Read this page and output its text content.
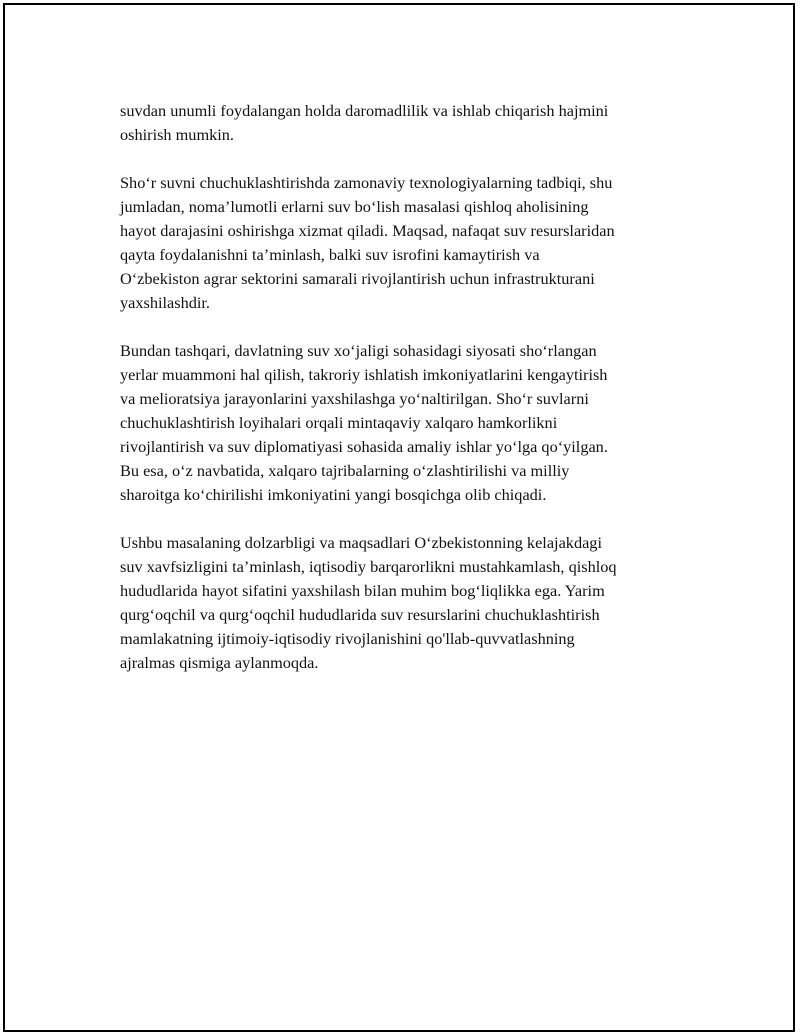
suvdan unumli foydalangan holda daromadlilik va ishlab chiqarish hajmini
oshirish mumkin.

Sho‘r suvni chuchuklashtirishda zamonaviy texnologiyalarning tadbiqi, shu
jumladan, noma’lumotli erlarni suv bo‘lish masalasi qishloq aholisining
hayot darajasini oshirishga xizmat qiladi. Maqsad, nafaqat suv resurslaridan
qayta foydalanishni ta’minlash, balki suv isrofini kamaytirish va
O‘zbekiston agrar sektorini samarali rivojlantirish uchun infrastrukturani
yaxshilashdir.

Bundan tashqari, davlatning suv xo‘jaligi sohasidagi siyosati sho‘rlangan
yerlar muammoni hal qilish, takroriy ishlatish imkoniyatlarini kengaytirish
va melioratsiya jarayonlarini yaxshilashga yo‘naltirilgan. Sho‘r suvlarni
chuchuklashtirish loyihalari orqali mintaqaviy xalqaro hamkorlikni
rivojlantirish va suv diplomatiyasi sohasida amaliy ishlar yo‘lga qo‘yilgan.
Bu esa, o‘z navbatida, xalqaro tajribalarning o‘zlashtirilishi va milliy
sharoitga ko‘chirilishi imkoniyatini yangi bosqichga olib chiqadi.

Ushbu masalaning dolzarbligi va maqsadlari O‘zbekistonning kelajakdagi
suv xavfsizligini ta’minlash, iqtisodiy barqarorlikni mustahkamlash, qishloq
hududlarida hayot sifatini yaxshilash bilan muhim bog‘liqlikka ega. Yarim
qurg‘oqchil va qurg‘oqchil hududlarida suv resurslarini chuchuklashtirish
mamlakatning ijtimoiy-iqtisodiy rivojlanishini qo'llab-quvvatlashning
ajralmas qismiga aylanmoqda.
